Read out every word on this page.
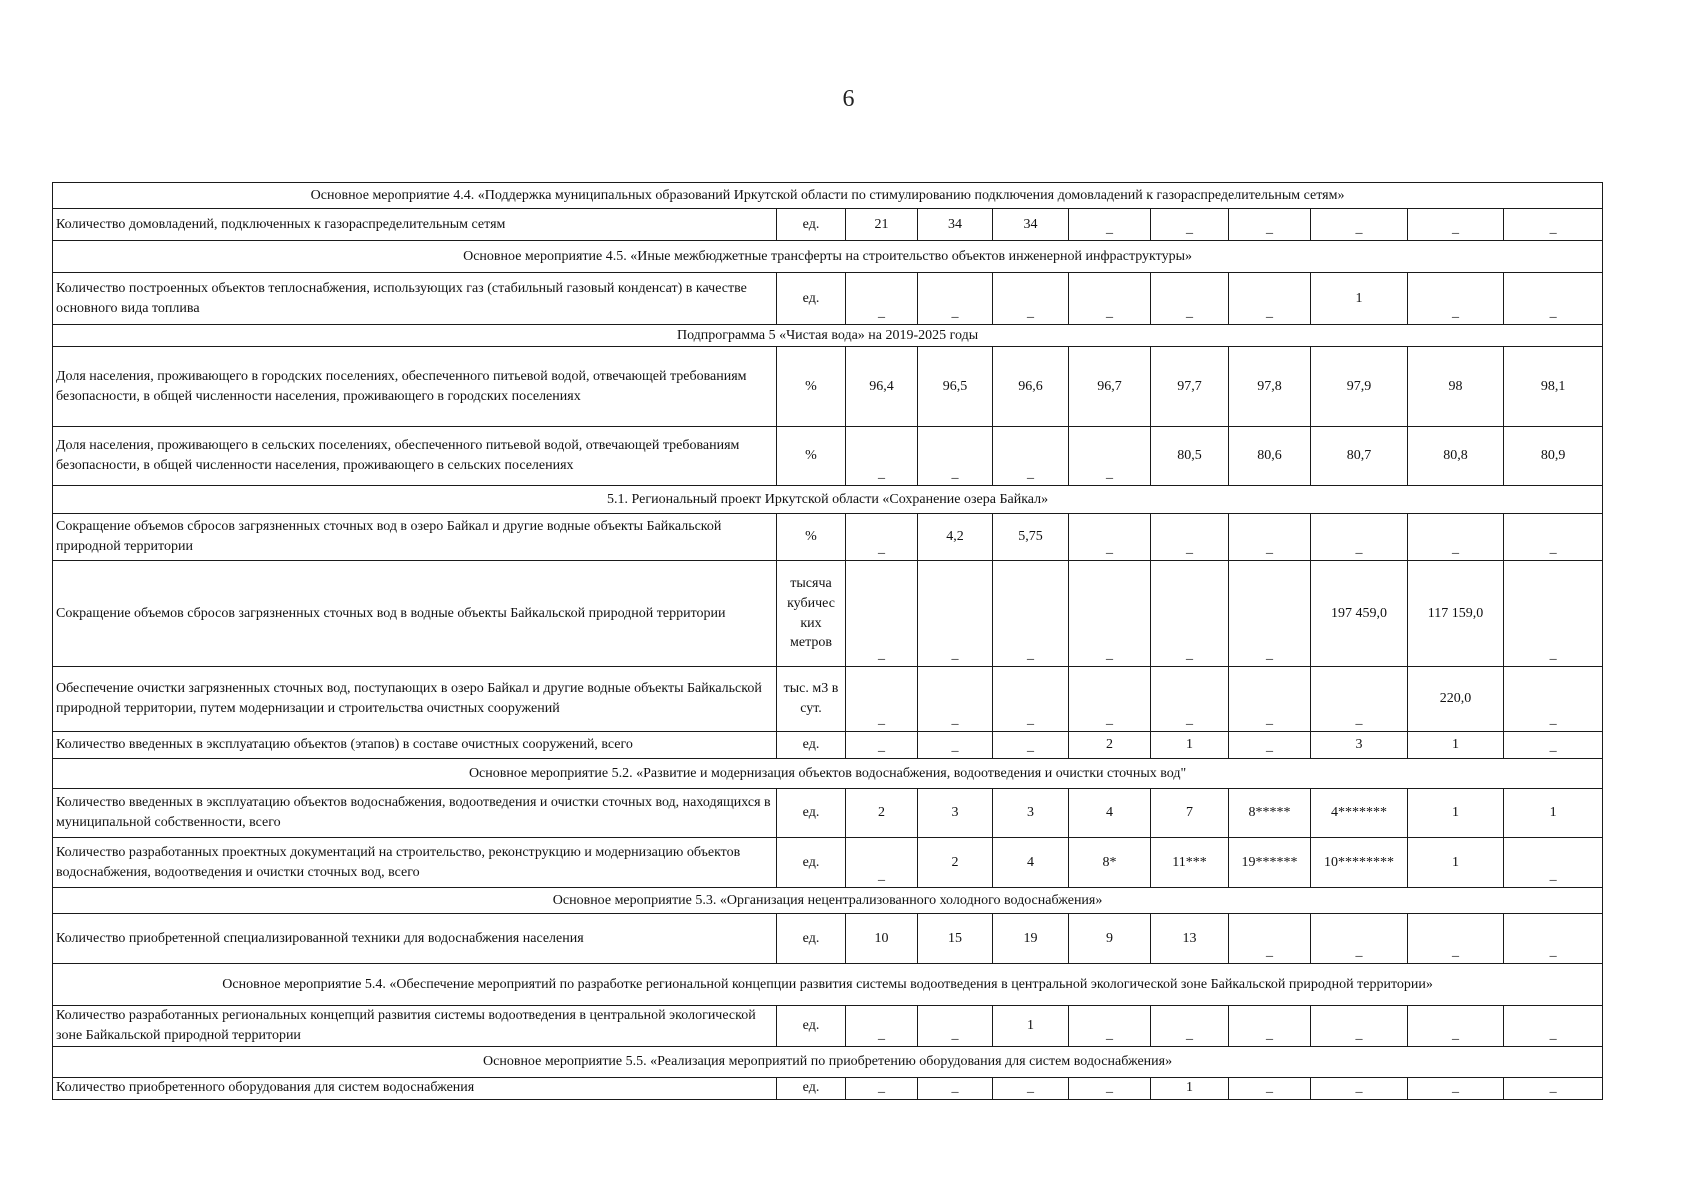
6
Основное мероприятие 4.4. «Поддержка муниципальных образований Иркутской области по стимулированию подключения домовладений к газораспределительным сетям»										
Количество домовладений, подключенных к газораспределительным сетям	ед.	21	34	34	_	_	_	_	_	_
Основное мероприятие 4.5. «Иные межбюджетные трансферты на строительство объектов инженерной инфраструктуры»										
Количество построенных объектов теплоснабжения, использующих газ (стабильный газовый конденсат) в качестве основного вида топлива	ед.	_	_	_	_	_	_	1	_	_
Подпрограмма 5 «Чистая вода» на 2019-2025 годы										
Доля населения, проживающего в городских поселениях, обеспеченного питьевой водой, отвечающей требованиям безопасности, в общей численности населения, проживающего в городских поселениях	%	96,4	96,5	96,6	96,7	97,7	97,8	97,9	98	98,1
Доля населения, проживающего в сельских поселениях, обеспеченного питьевой водой, отвечающей требованиям безопасности, в общей численности населения, проживающего в сельских поселениях	%	_	_	_	_	80,5	80,6	80,7	80,8	80,9
5.1. Региональный проект Иркутской области «Сохранение озера Байкал»										
Сокращение объемов сбросов загрязненных сточных вод в озеро Байкал и другие водные объекты Байкальской природной территории	%	_	4,2	5,75	_	_	_	_	_	_
Сокращение объемов сбросов загрязненных сточных вод в водные объекты Байкальской природной территории	тысяча кубичес ких метров	_	_	_	_	_	_	197 459,0	117 159,0	_
Обеспечение очистки загрязненных сточных вод, поступающих в озеро Байкал и другие водные объекты Байкальской природной территории, путем модернизации и строительства очистных сооружений	тыс. м3 в сут.	_	_	_	_	_	_	_	220,0	_
Количество введенных в эксплуатацию объектов (этапов) в составе очистных сооружений, всего	ед.	_	_	_	2	1	_	3	1	_
Основное мероприятие 5.2. «Развитие и модернизация объектов водоснабжения, водоотведения и очистки сточных вод"										
Количество введенных в эксплуатацию объектов водоснабжения, водоотведения и очистки сточных вод, находящихся в муниципальной собственности, всего	ед.	2	3	3	4	7	8*****	4*******	1	1
Количество разработанных проектных документаций на строительство, реконструкцию и модернизацию объектов водоснабжения, водоотведения и очистки сточных вод, всего	ед.	_	2	4	8*	11***	19******	10********	1	_
Основное мероприятие 5.3. «Организация нецентрализованного холодного водоснабжения»										
Количество приобретенной специализированной техники для водоснабжения населения	ед.	10	15	19	9	13	_	_	_	_
Основное мероприятие 5.4. «Обеспечение мероприятий по разработке региональной концепции развития системы водоотведения в центральной экологической зоне Байкальской природной территории»										
Количество разработанных региональных концепций развития системы водоотведения в центральной экологической зоне Байкальской природной территории	ед.	_	_	1	_	_	_	_	_	_
Основное мероприятие 5.5. «Реализация мероприятий по приобретению оборудования для систем водоснабжения»										
Количество приобретенного оборудования для систем водоснабжения	ед.	_	_	_	_	1	_	_	_	_
